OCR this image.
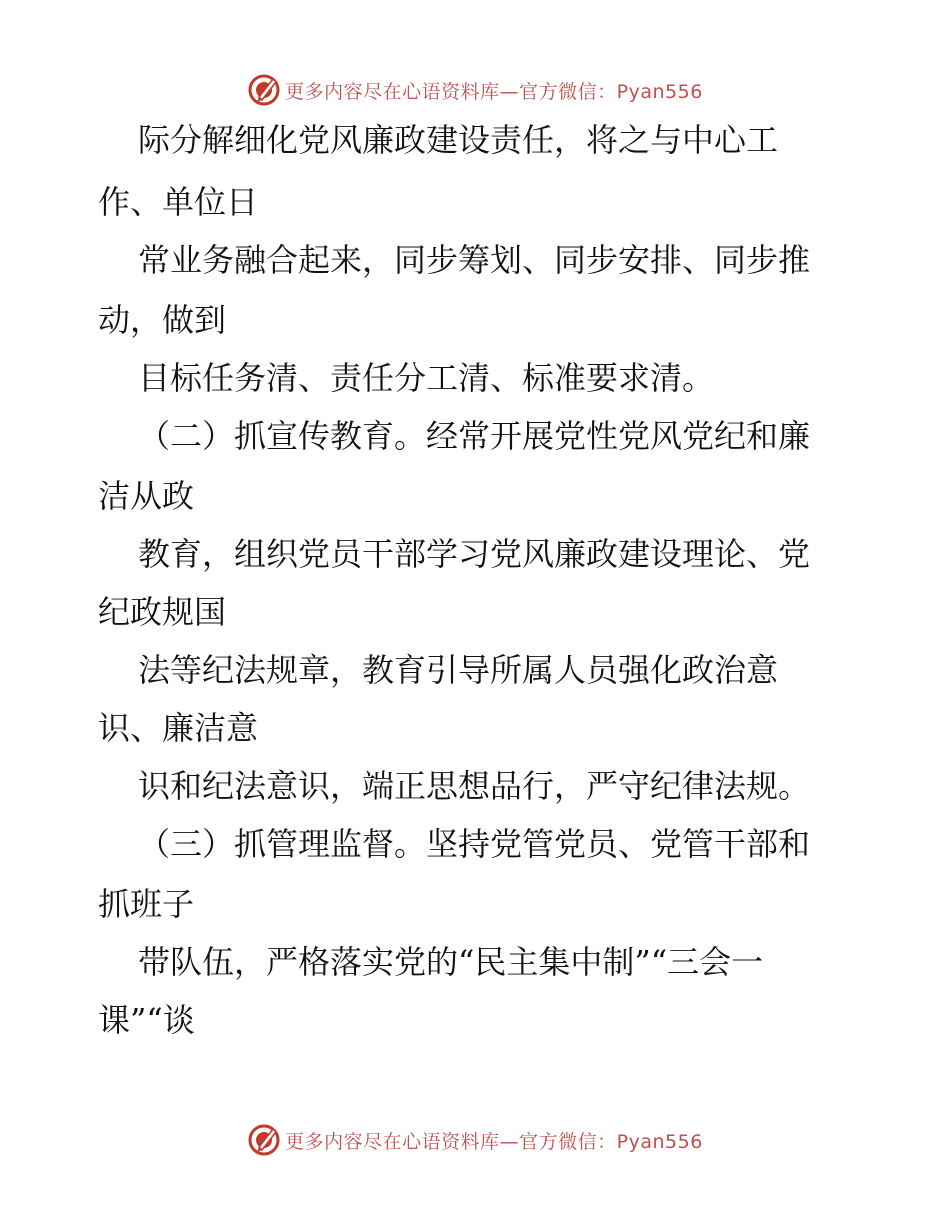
更多内容尽在心语资料库—官方微信：Pyan556
际分解细化党风廉政建设责任，将之与中心工
作、单位日
常业务融合起来，同步筹划、同步安排、同步推
动，做到
目标任务清、责任分工清、标准要求清。
（二）抓宣传教育。经常开展党性党风党纪和廉
洁从政
教育，组织党员干部学习党风廉政建设理论、党
纪政规国
法等纪法规章，教育引导所属人员强化政治意
识、廉洁意
识和纪法意识，端正思想品行，严守纪律法规。
（三）抓管理监督。坚持党管党员、党管干部和
抓班子
带队伍，严格落实党的“民主集中制”“三会一
课”“谈
更多内容尽在心语资料库—官方微信：Pyan556
